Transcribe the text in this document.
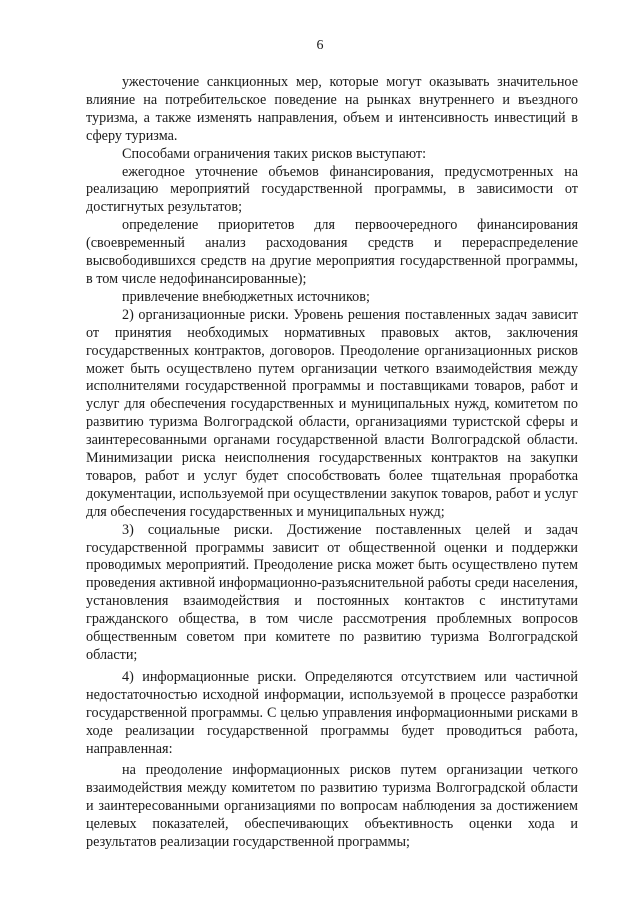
6

ужесточение санкционных мер, которые могут оказывать значительное влияние на потребительское поведение на рынках внутреннего и въездного туризма, а также изменять направления, объем и интенсивность инвестиций в сферу туризма.

Способами ограничения таких рисков выступают:

ежегодное уточнение объемов финансирования, предусмотренных на реализацию мероприятий государственной программы, в зависимости от достигнутых результатов;

определение приоритетов для первоочередного финансирования (своевременный анализ расходования средств и перераспределение высвободившихся средств на другие мероприятия государственной программы, в том числе недофинансированные);

привлечение внебюджетных источников;

2) организационные риски. Уровень решения поставленных задач зависит от принятия необходимых нормативных правовых актов, заключения государственных контрактов, договоров. Преодоление организационных рисков может быть осуществлено путем организации четкого взаимодействия между исполнителями государственной программы и поставщиками товаров, работ и услуг для обеспечения государственных и муниципальных нужд, комитетом по развитию туризма Волгоградской области, организациями туристской сферы и заинтересованными органами государственной власти Волгоградской области. Минимизации риска неисполнения государственных контрактов на закупки товаров, работ и услуг будет способствовать более тщательная проработка документации, используемой при осуществлении закупок товаров, работ и услуг для обеспечения государственных и муниципальных нужд;

3) социальные риски. Достижение поставленных целей и задач государственной программы зависит от общественной оценки и поддержки проводимых мероприятий. Преодоление риска может быть осуществлено путем проведения активной информационно-разъяснительной работы среди населения, установления взаимодействия и постоянных контактов с институтами гражданского общества, в том числе рассмотрения проблемных вопросов общественным советом при комитете по развитию туризма Волгоградской области;

4) информационные риски. Определяются отсутствием или частичной недостаточностью исходной информации, используемой в процессе разработки государственной программы. С целью управления информационными рисками в ходе реализации государственной программы будет проводиться работа, направленная:

на преодоление информационных рисков путем организации четкого взаимодействия между комитетом по развитию туризма Волгоградской области и заинтересованными организациями по вопросам наблюдения за достижением целевых показателей, обеспечивающих объективность оценки хода и результатов реализации государственной программы;
